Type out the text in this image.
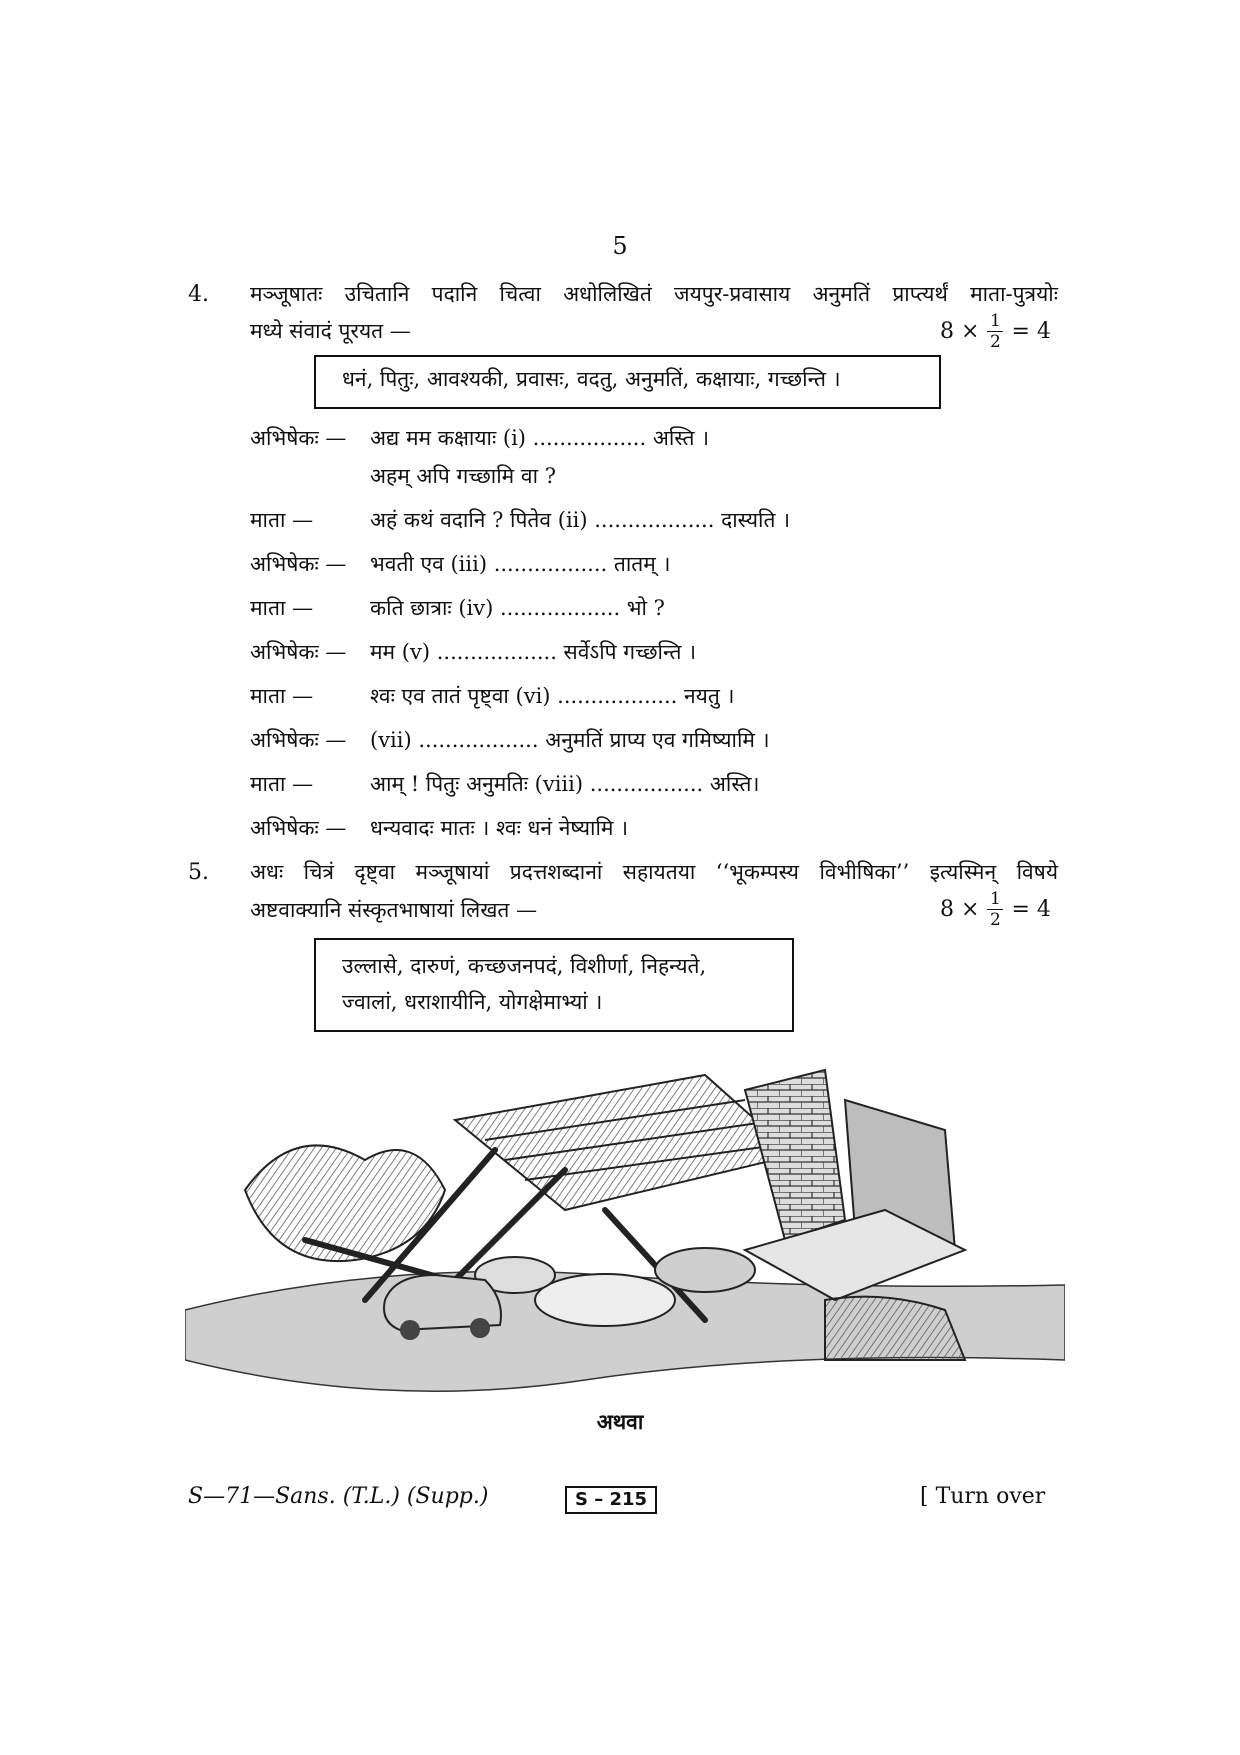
5
4. मञ्जूषातः उचितानि पदानि चित्वा अधोलिखितं जयपुर-प्रवासाय अनुमतिं प्राप्त्यर्थं माता-पुत्रयोः
मध्ये संवादं पूरयत —	$8 \times \frac{1}{2} = 4$
धनं, पितुः, आवश्यकी, प्रवासः, वदतु, अनुमतिं, कक्षायाः, गच्छन्ति ।
अभिषेकः — अद्य मम कक्षायाः (i) ................. अस्ति ।
अहम् अपि गच्छामि वा ?
माता —	अहं कथं वदानि ? पितेव (ii) .................. दास्यति ।
अभिषेकः — भवती एव (iii) ................. तातम् ।
माता —	कति छात्राः (iv) .................. भो ?
अभिषेकः — मम (v) .................. सर्वेऽपि गच्छन्ति ।
माता —	श्वः एव तातं पृष्ट्वा (vi) .................. नयतु ।
अभिषेकः — (vii) .................. अनुमतिं प्राप्य एव गमिष्यामि ।
माता —	आम् ! पितुः अनुमतिः (viii) ................. अस्ति।
अभिषेकः — धन्यवादः मातः । श्वः धनं नेष्यामि ।
5. अधः चित्रं दृष्ट्वा मञ्जूषायां प्रदत्तशब्दानां सहायतया ‘‘भूकम्पस्य विभीषिका’’ इत्यस्मिन् विषये
अष्टवाक्यानि संस्कृतभाषायां लिखत —	$8 \times \frac{1}{2} = 4$
उल्लासे, दारुणं, कच्छजनपदं, विशीर्णा, निहन्यते,
ज्वालां, धराशायीनि, योगक्षेमाभ्यां ।
अथवा
S—71—Sans. (T.L.) (Supp.)	S – 215	[ Turn over
